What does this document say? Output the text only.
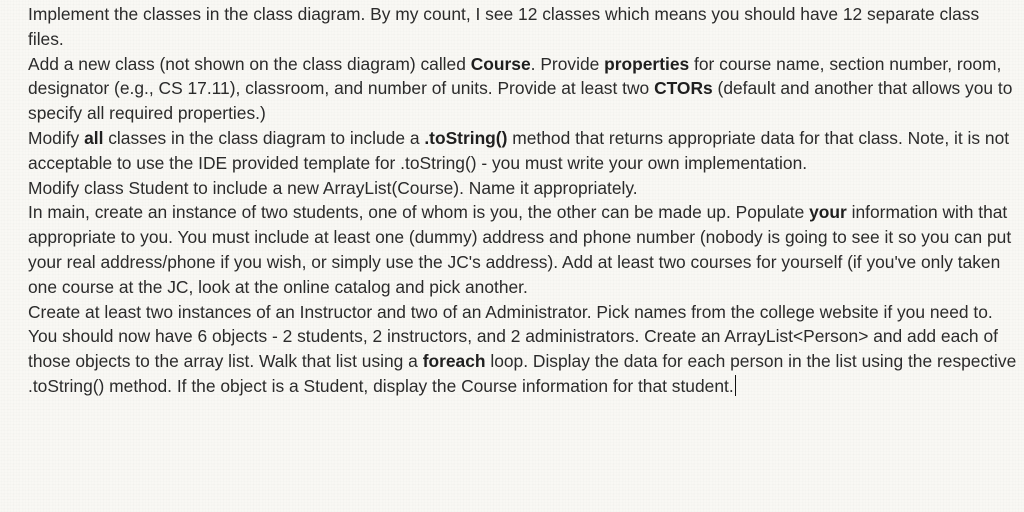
Implement the classes in the class diagram. By my count, I see 12 classes which means you should have 12 separate class files.

Add a new class (not shown on the class diagram) called Course. Provide properties for course name, section number, room, designator (e.g., CS 17.11), classroom, and number of units. Provide at least two CTORs (default and another that allows you to specify all required properties.)

Modify all classes in the class diagram to include a .toString() method that returns appropriate data for that class. Note, it is not acceptable to use the IDE provided template for .toString() - you must write your own implementation.

Modify class Student to include a new ArrayList(Course). Name it appropriately.

In main, create an instance of two students, one of whom is you, the other can be made up. Populate your information with that appropriate to you. You must include at least one (dummy) address and phone number (nobody is going to see it so you can put your real address/phone if you wish, or simply use the JC's address). Add at least two courses for yourself (if you've only taken one course at the JC, look at the online catalog and pick another.

Create at least two instances of an Instructor and two of an Administrator. Pick names from the college website if you need to.

You should now have 6 objects - 2 students, 2 instructors, and 2 administrators. Create an ArrayList<Person> and add each of those objects to the array list. Walk that list using a foreach loop. Display the data for each person in the list using the respective .toString() method. If the object is a Student, display the Course information for that student.
